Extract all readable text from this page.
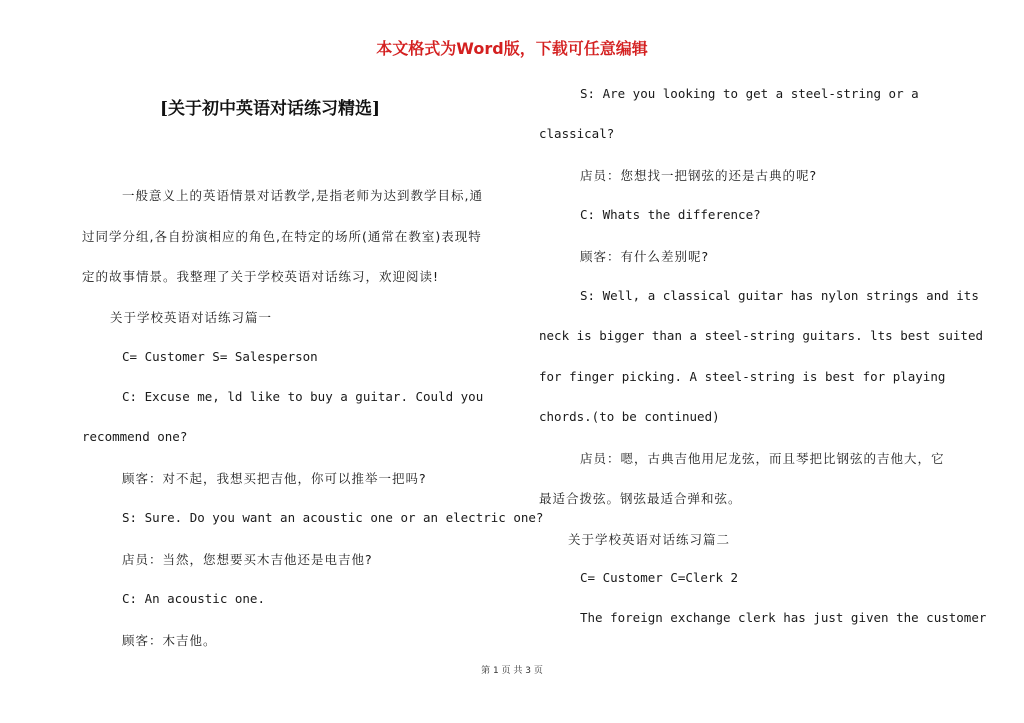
本文格式为Word版，下载可任意编辑
[关于初中英语对话练习精选]
一般意义上的英语情景对话教学,是指老师为达到教学目标,通
过同学分组,各自扮演相应的角色,在特定的场所(通常在教室)表现特
定的故事情景。我整理了关于学校英语对话练习，欢迎阅读!
关于学校英语对话练习篇一
C= Customer S= Salesperson
C: Excuse me, ld like to buy a guitar. Could you
recommend one?
顾客：对不起，我想买把吉他，你可以推举一把吗?
S: Sure. Do you want an acoustic one or an electric one?
店员：当然，您想要买木吉他还是电吉他?
C: An acoustic one.
顾客：木吉他。
S: Are you looking to get a steel-string or a
classical?
店员：您想找一把钢弦的还是古典的呢?
C: Whats the difference?
顾客：有什么差别呢?
S: Well, a classical guitar has nylon strings and its
neck is bigger than a steel-string guitars. lts best suited
for finger picking. A steel-string is best for playing
chords.(to be continued)
店员：嗯，古典吉他用尼龙弦，而且琴把比钢弦的吉他大，它
最适合拨弦。钢弦最适合弹和弦。
关于学校英语对话练习篇二
C= Customer C=Clerk 2
The foreign exchange clerk has just given the customer
第 1 页 共 3 页
